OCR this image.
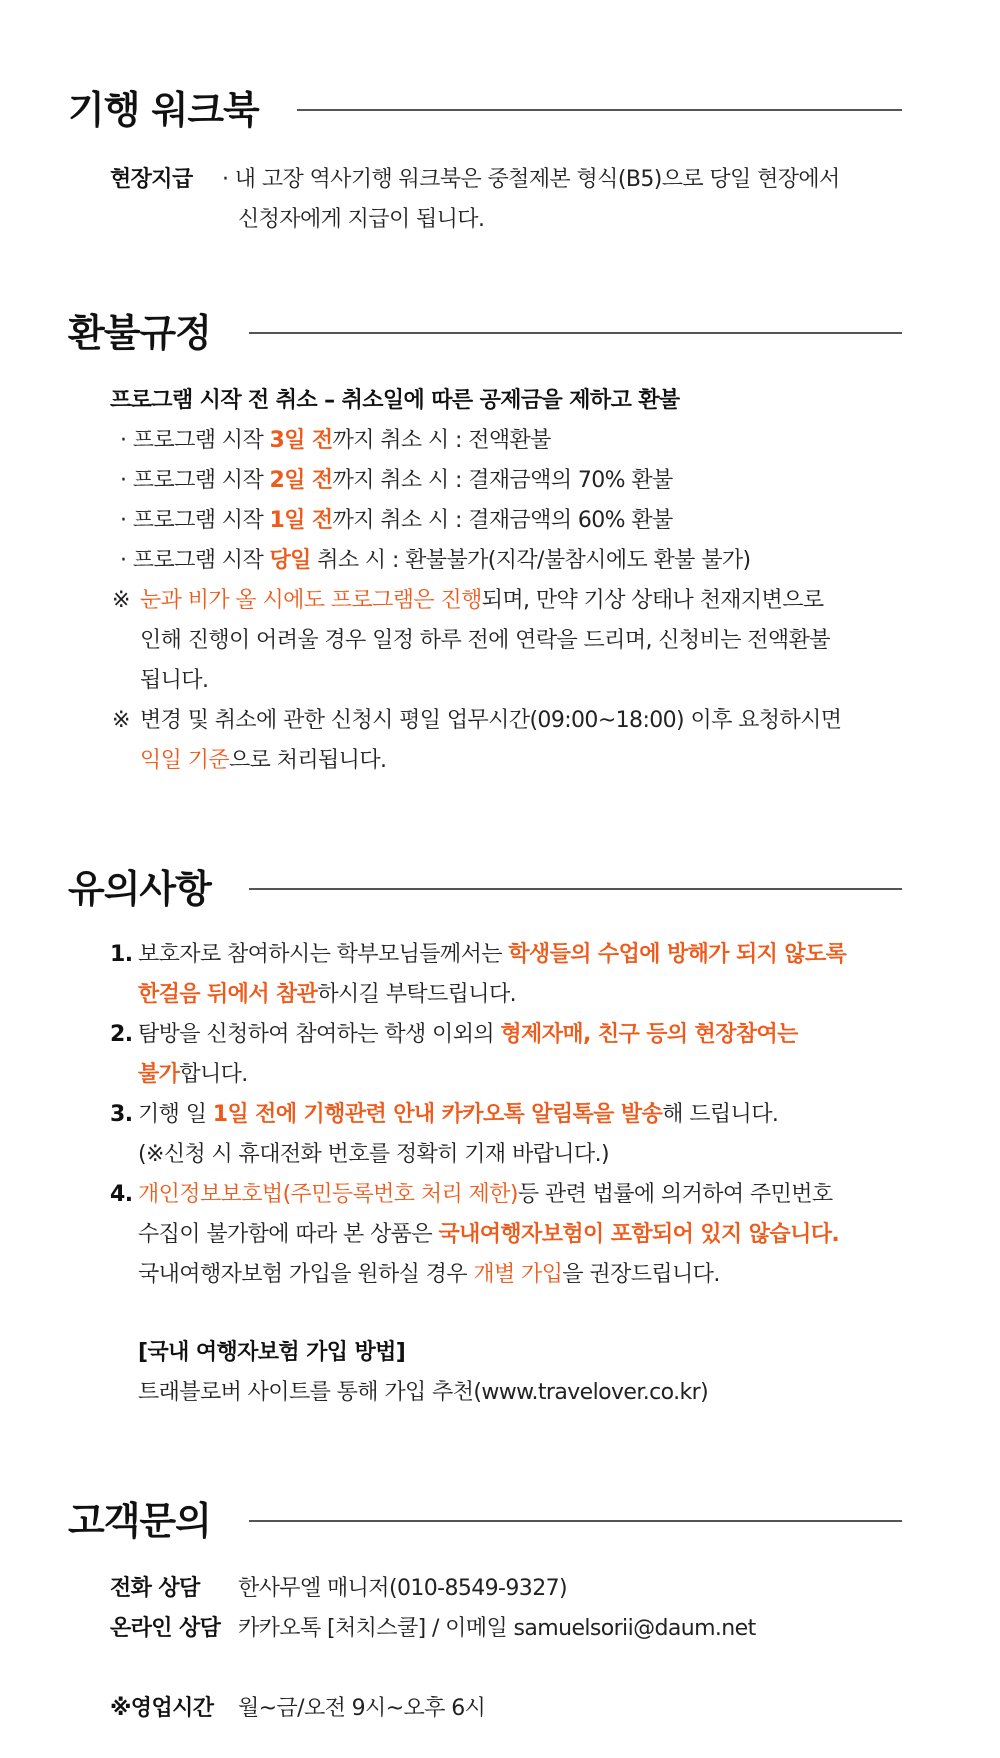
기행 워크북
현장지급 · 내 고장 역사기행 워크북은 중철제본 형식(B5)으로 당일 현장에서
신청자에게 지급이 됩니다.
환불규정
프로그램 시작 전 취소 – 취소일에 따른 공제금을 제하고 환불
· 프로그램 시작 3일 전까지 취소 시 : 전액환불
· 프로그램 시작 2일 전까지 취소 시 : 결재금액의 70% 환불
· 프로그램 시작 1일 전까지 취소 시 : 결재금액의 60% 환불
· 프로그램 시작 당일 취소 시 : 환불불가(지각/불참시에도 환불 불가)
※ 눈과 비가 올 시에도 프로그램은 진행되며, 만약 기상 상태나 천재지변으로
인해 진행이 어려울 경우 일정 하루 전에 연락을 드리며, 신청비는 전액환불
됩니다.
※ 변경 및 취소에 관한 신청시 평일 업무시간(09:00~18:00) 이후 요청하시면
익일 기준으로 처리됩니다.
유의사항
1. 보호자로 참여하시는 학부모님들께서는 학생들의 수업에 방해가 되지 않도록
한걸음 뒤에서 참관하시길 부탁드립니다.
2. 탐방을 신청하여 참여하는 학생 이외의 형제자매, 친구 등의 현장참여는
불가합니다.
3. 기행 일 1일 전에 기행관련 안내 카카오톡 알림톡을 발송해 드립니다.
(※신청 시 휴대전화 번호를 정확히 기재 바랍니다.)
4. 개인정보보호법(주민등록번호 처리 제한)등 관련 법률에 의거하여 주민번호
수집이 불가함에 따라 본 상품은 국내여행자보험이 포함되어 있지 않습니다.
국내여행자보험 가입을 원하실 경우 개별 가입을 권장드립니다.
[국내 여행자보험 가입 방법]
트래블로버 사이트를 통해 가입 추천(www.travelover.co.kr)
고객문의
전화 상담 한사무엘 매니저(010-8549-9327)
온라인 상담 카카오톡 [처치스쿨] / 이메일 samuelsorii@daum.net
※영업시간 월~금/오전 9시~오후 6시
